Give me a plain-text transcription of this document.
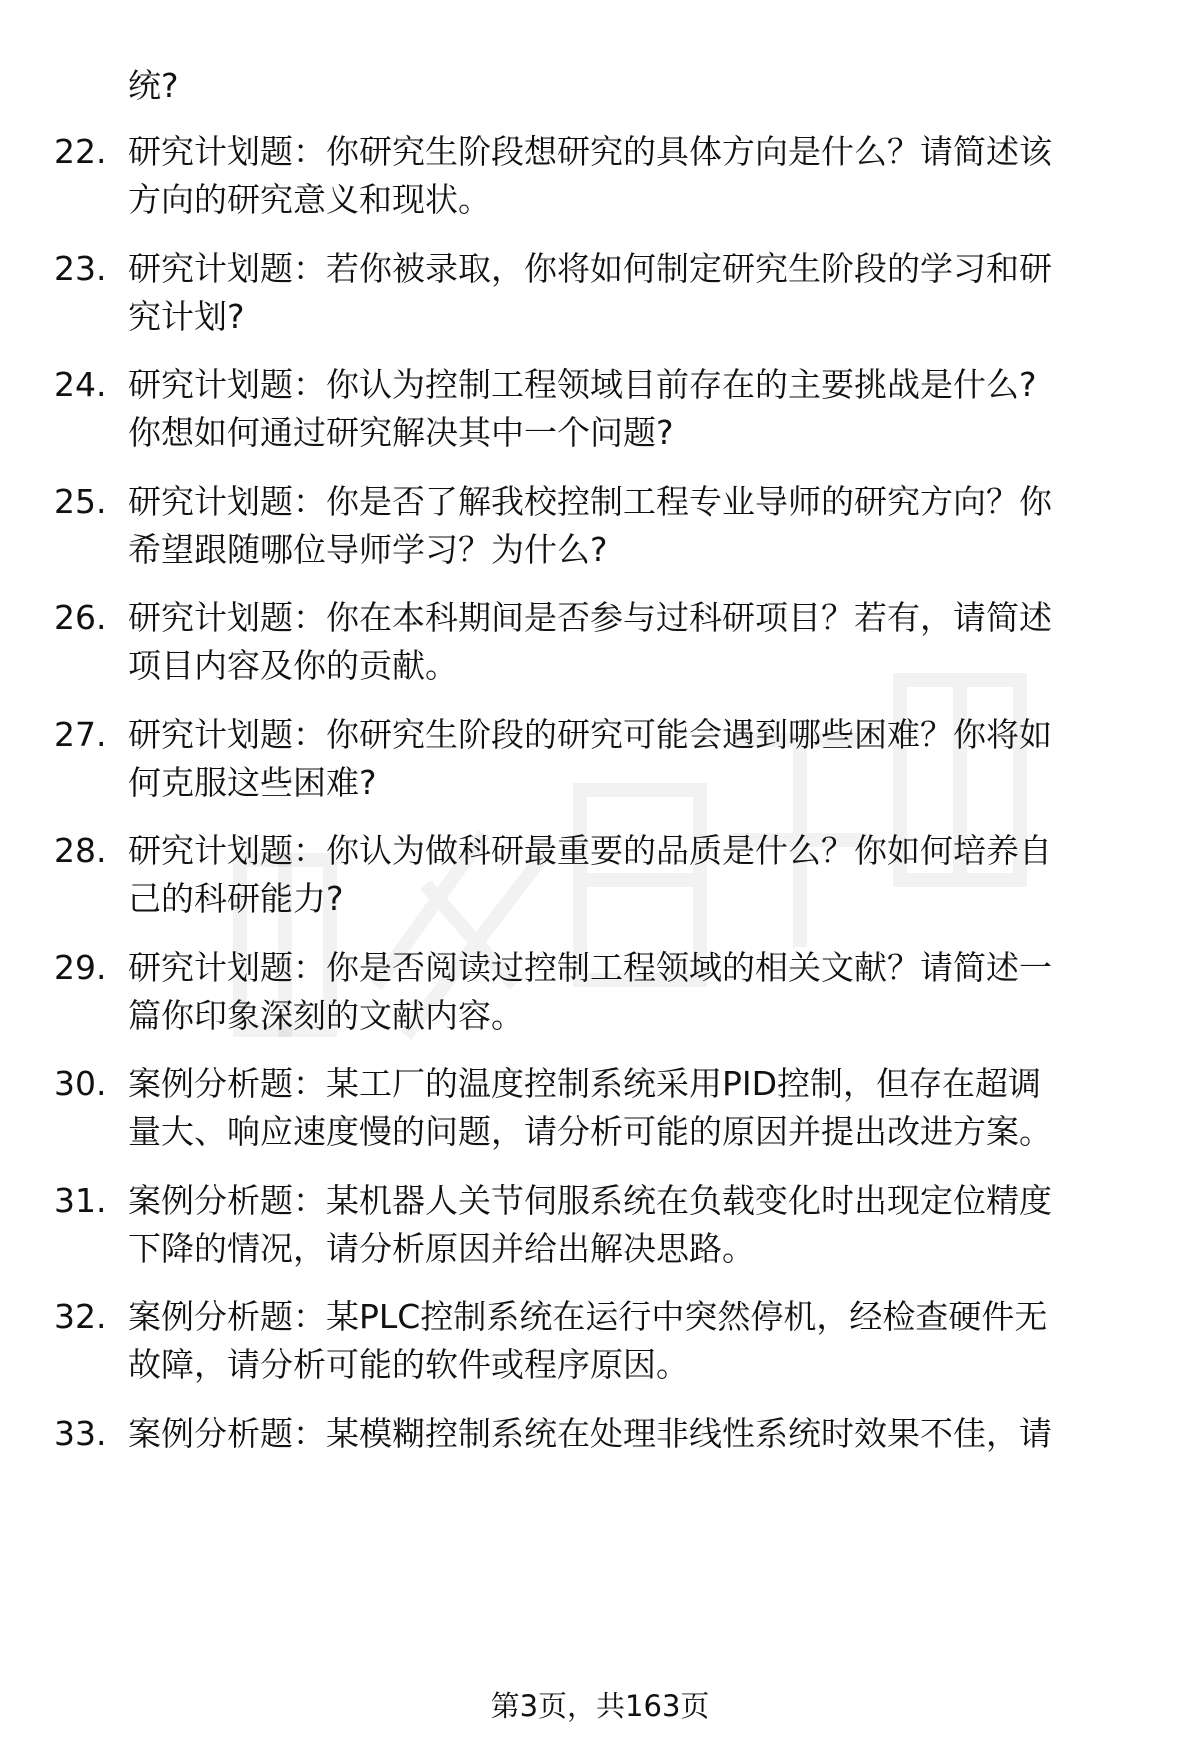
统?
22. 研究计划题：你研究生阶段想研究的具体方向是什么？请简述该
方向的研究意义和现状。
23. 研究计划题：若你被录取，你将如何制定研究生阶段的学习和研
究计划?
24. 研究计划题：你认为控制工程领域目前存在的主要挑战是什么?
你想如何通过研究解决其中一个问题?
25. 研究计划题：你是否了解我校控制工程专业导师的研究方向？你
希望跟随哪位导师学习？为什么?
26. 研究计划题：你在本科期间是否参与过科研项目？若有，请简述
项目内容及你的贡献。
27. 研究计划题：你研究生阶段的研究可能会遇到哪些困难？你将如
何克服这些困难?
28. 研究计划题：你认为做科研最重要的品质是什么？你如何培养自
己的科研能力?
29. 研究计划题：你是否阅读过控制工程领域的相关文献？请简述一
篇你印象深刻的文献内容。
30. 案例分析题：某工厂的温度控制系统采用PID控制，但存在超调
量大、响应速度慢的问题，请分析可能的原因并提出改进方案。
31. 案例分析题：某机器人关节伺服系统在负载变化时出现定位精度
下降的情况，请分析原因并给出解决思路。
32. 案例分析题：某PLC控制系统在运行中突然停机，经检查硬件无
故障，请分析可能的软件或程序原因。
33. 案例分析题：某模糊控制系统在处理非线性系统时效果不佳，请
第3页，共163页
